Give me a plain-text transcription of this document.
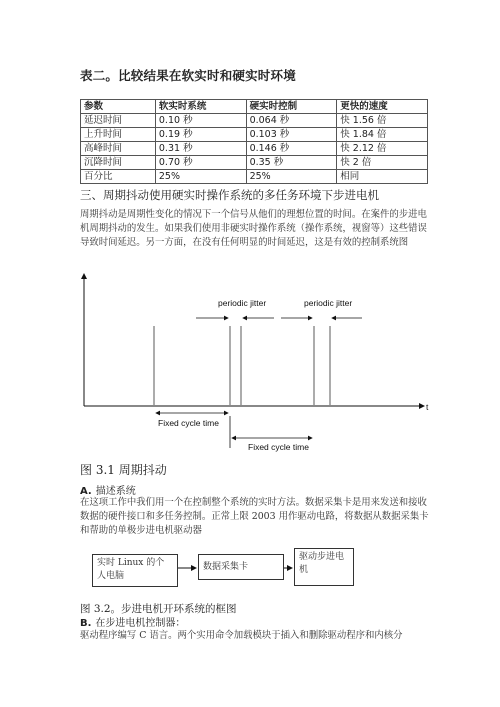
表二。比较结果在软实时和硬实时环境
参数	软实时系统	硬实时控制	更快的速度
延迟时间	0.10 秒	0.064 秒	快 1.56 倍
上升时间	0.19 秒	0.103 秒	快 1.84 倍
高峰时间	0.31 秒	0.146 秒	快 2.12 倍
沉降时间	0.70 秒	0.35 秒	快 2 倍
百分比	25%	25%	相同
三、周期抖动使用硬实时操作系统的多任务环境下步进电机
周期抖动是周期性变化的情况下一个信号从他们的理想位置的时间。在案件的步进电机周期抖动的发生。如果我们使用非硬实时操作系统（操作系统，视窗等）这些错误导致时间延迟。另一方面，在没有任何明显的时间延迟，这是有效的控制系统图
t
periodic jitter	periodic jitter
Fixed cycle time
Fixed cycle time
图 3.1 周期抖动
A. 描述系统
在这项工作中我们用一个在控制整个系统的实时方法。数据采集卡是用来发送和接收数据的硬件接口和多任务控制。正常上限 2003 用作驱动电路，将数据从数据采集卡和帮助的单极步进电机驱动器
实时 Linux 的个人电脑
数据采集卡
驱动步进电机
图 3.2。步进电机开环系统的框图
B. 在步进电机控制器：
驱动程序编写 C 语言。两个实用命令加载模块于插入和删除驱动程序和内核分
